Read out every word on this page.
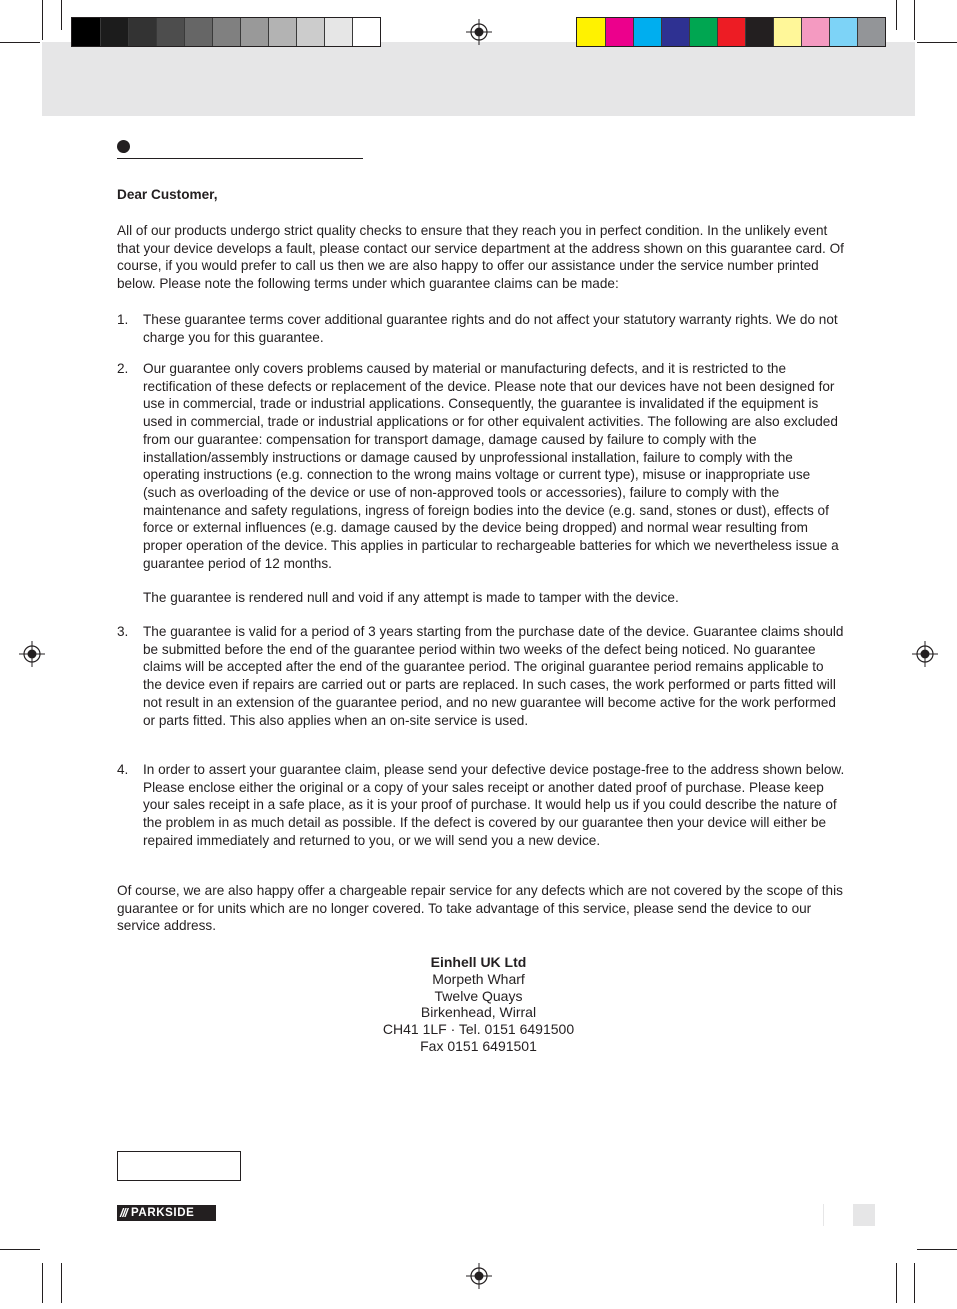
Dear Customer,
All of our products undergo strict quality checks to ensure that they reach you in perfect condition. In the unlikely event that your device develops a fault, please contact our service department at the address shown on this guarantee card. Of course, if you would prefer to call us then we are also happy to offer our assistance under the service number printed below. Please note the following terms under which guarantee claims can be made:
1.	These guarantee terms cover additional guarantee rights and do not affect your statutory warranty rights. We do not charge you for this guarantee.
2.	Our guarantee only covers problems caused by material or manufacturing defects, and it is restricted to the rectification of these defects or replacement of the device. Please note that our devices have not been designed for use in commercial, trade or industrial applications. Consequently, the guarantee is invalidated if the equipment is used in commercial, trade or industrial applications or for other equivalent activities. The following are also excluded from our guarantee: compensation for transport damage, damage caused by failure to comply with the installation/assembly instructions or damage caused by unprofessional installation, failure to comply with the operating instructions (e.g. connection to the wrong mains voltage or current type), misuse or inappropriate use (such as overloading of the device or use of non-approved tools or accessories), failure to comply with the maintenance and safety regulations, ingress of foreign bodies into the device (e.g. sand, stones or dust), effects of force or external influences (e.g. damage caused by the device being dropped) and normal wear resulting from proper operation of the device. This applies in particular to rechargeable batteries for which we nevertheless issue a guarantee period of 12 months.
The guarantee is rendered null and void if any attempt is made to tamper with the device.
3.	The guarantee is valid for a period of 3 years starting from the purchase date of the device. Guarantee claims should be submitted before the end of the guarantee period within two weeks of the defect being noticed. No guarantee claims will be accepted after the end of the guarantee period. The original guarantee period remains applicable to the device even if repairs are carried out or parts are replaced. In such cases, the work performed or parts fitted will not result in an extension of the guarantee period, and no new guarantee will become active for the work performed or parts fitted. This also applies when an on-site service is used.
4.	In order to assert your guarantee claim, please send your defective device postage-free to the address shown below. Please enclose either the original or a copy of your sales receipt or another dated proof of purchase. Please keep your sales receipt in a safe place, as it is your proof of purchase. It would help us if you could describe the nature of the problem in as much detail as possible. If the defect is covered by our guarantee then your device will either be repaired immediately and returned to you, or we will send you a new device.
Of course, we are also happy offer a chargeable repair service for any defects which are not covered by the scope of this guarantee or for units which are no longer covered. To take advantage of this service, please send the device to our service address.
Einhell UK Ltd
Morpeth Wharf
Twelve Quays
Birkenhead, Wirral
CH41 1LF · Tel. 0151 6491500
Fax 0151 6491501
/// PARKSIDE
